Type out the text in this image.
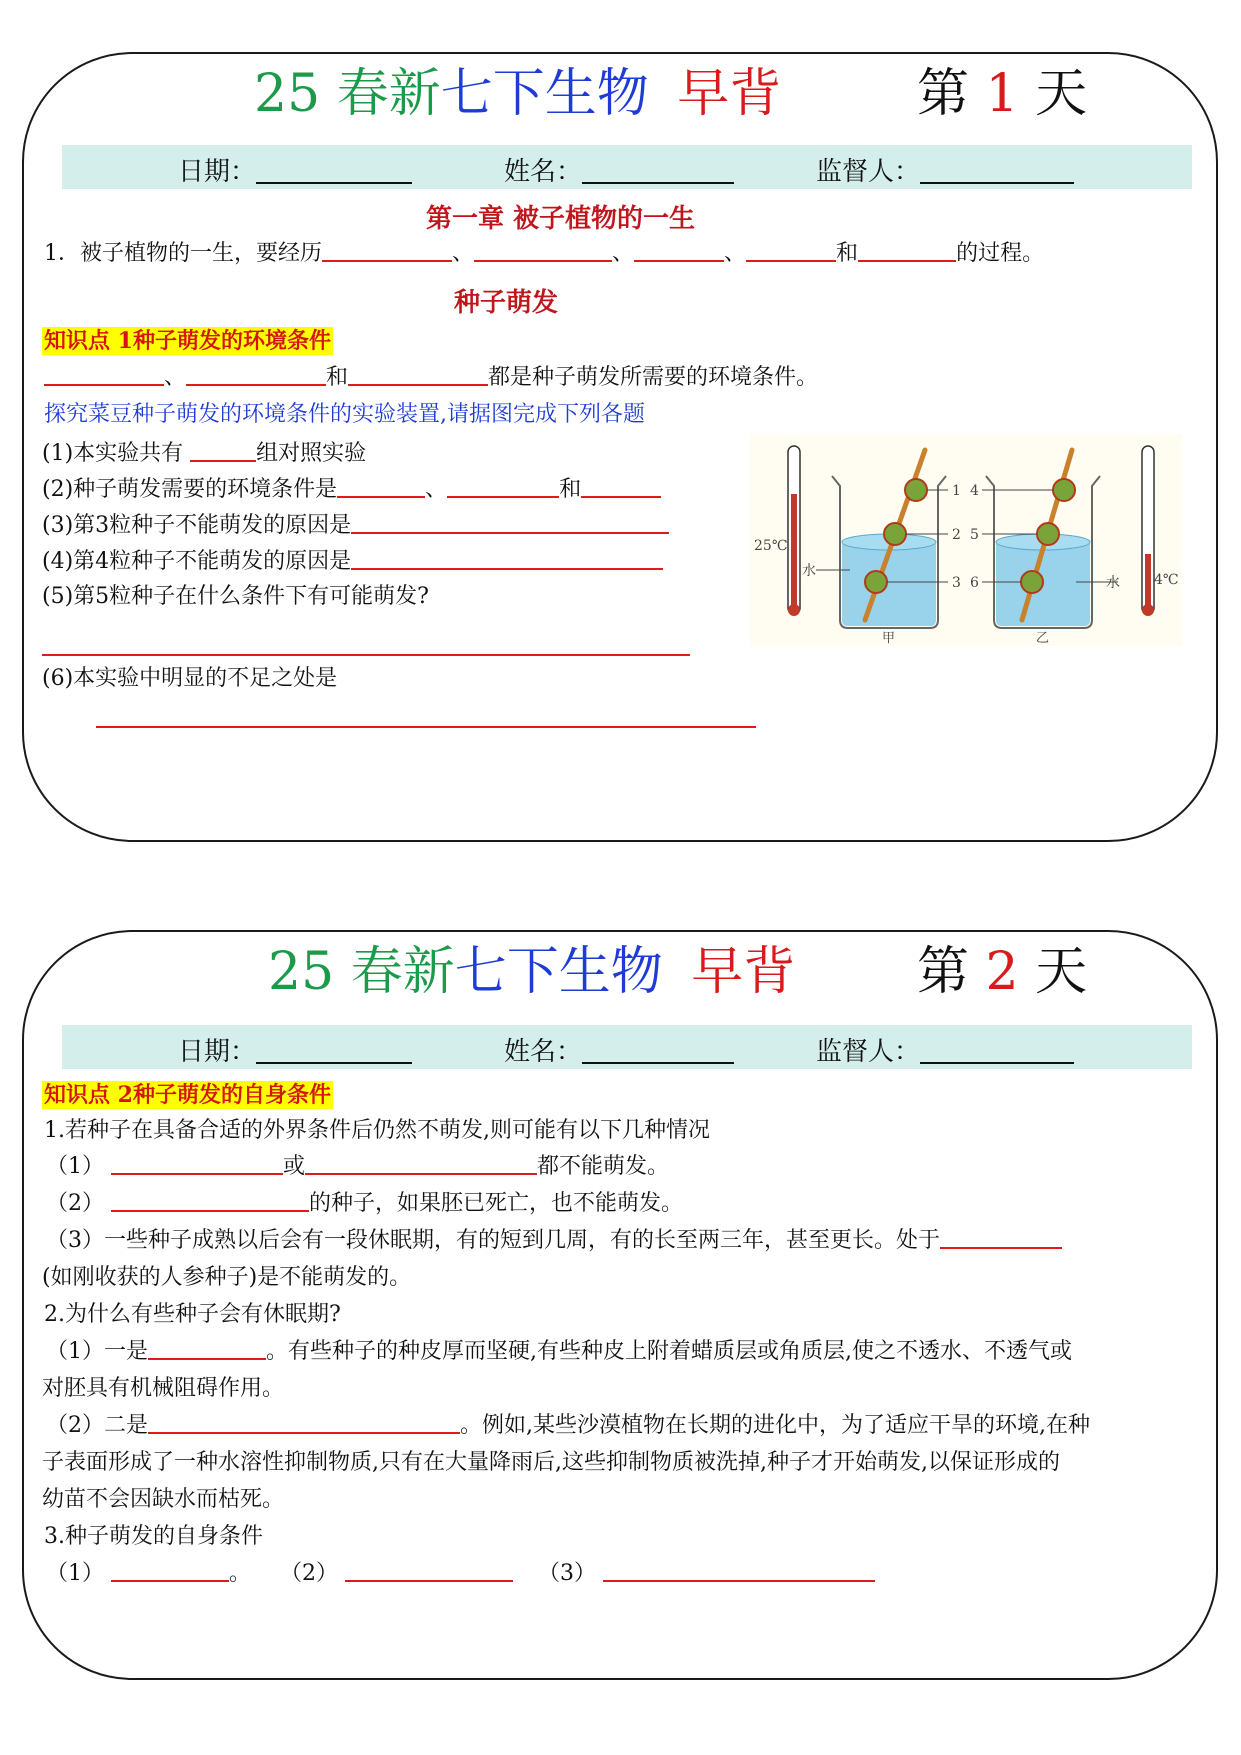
25 春新七下生物 早背	第 1 天
日期：	姓名：	监督人：
第一章 被子植物的一生
1．被子植物的一生，要经历	、	、	、	和	的过程。
种子萌发
知识点 1种子萌发的环境条件
、	和	都是种子萌发所需要的环境条件。
探究菜豆种子萌发的环境条件的实验装置,请据图完成下列各题
(1)本实验共有	组对照实验
(2)种子萌发需要的环境条件是	、	和
(3)第3粒种子不能萌发的原因是
(4)第4粒种子不能萌发的原因是
(5)第5粒种子在什么条件下有可能萌发?
(6)本实验中明显的不足之处是
25℃
1
2
3
水
甲
4
5
6	水
乙
4℃
25 春新七下生物 早背 第 2 天
日期：	姓名：	监督人：
知识点 2种子萌发的自身条件
1.若种子在具备合适的外界条件后仍然不萌发,则可能有以下几种情况
（1）	或	都不能萌发。
（2）	的种子，如果胚已死亡，也不能萌发。
（3）一些种子成熟以后会有一段休眠期，有的短到几周，有的长至两三年，甚至更长。处于
(如刚收获的人参种子)是不能萌发的。
2.为什么有些种子会有休眠期?
（1）一是	。有些种子的种皮厚而坚硬,有些种皮上附着蜡质层或角质层,使之不透水、不透气或
对胚具有机械阻碍作用。
（2）二是	。例如,某些沙漠植物在长期的进化中，为了适应干旱的环境,在种
子表面形成了一种水溶性抑制物质,只有在大量降雨后,这些抑制物质被洗掉,种子才开始萌发,以保证形成的
幼苗不会因缺水而枯死。
3.种子萌发的自身条件
（1）	。 （2）	（3）
